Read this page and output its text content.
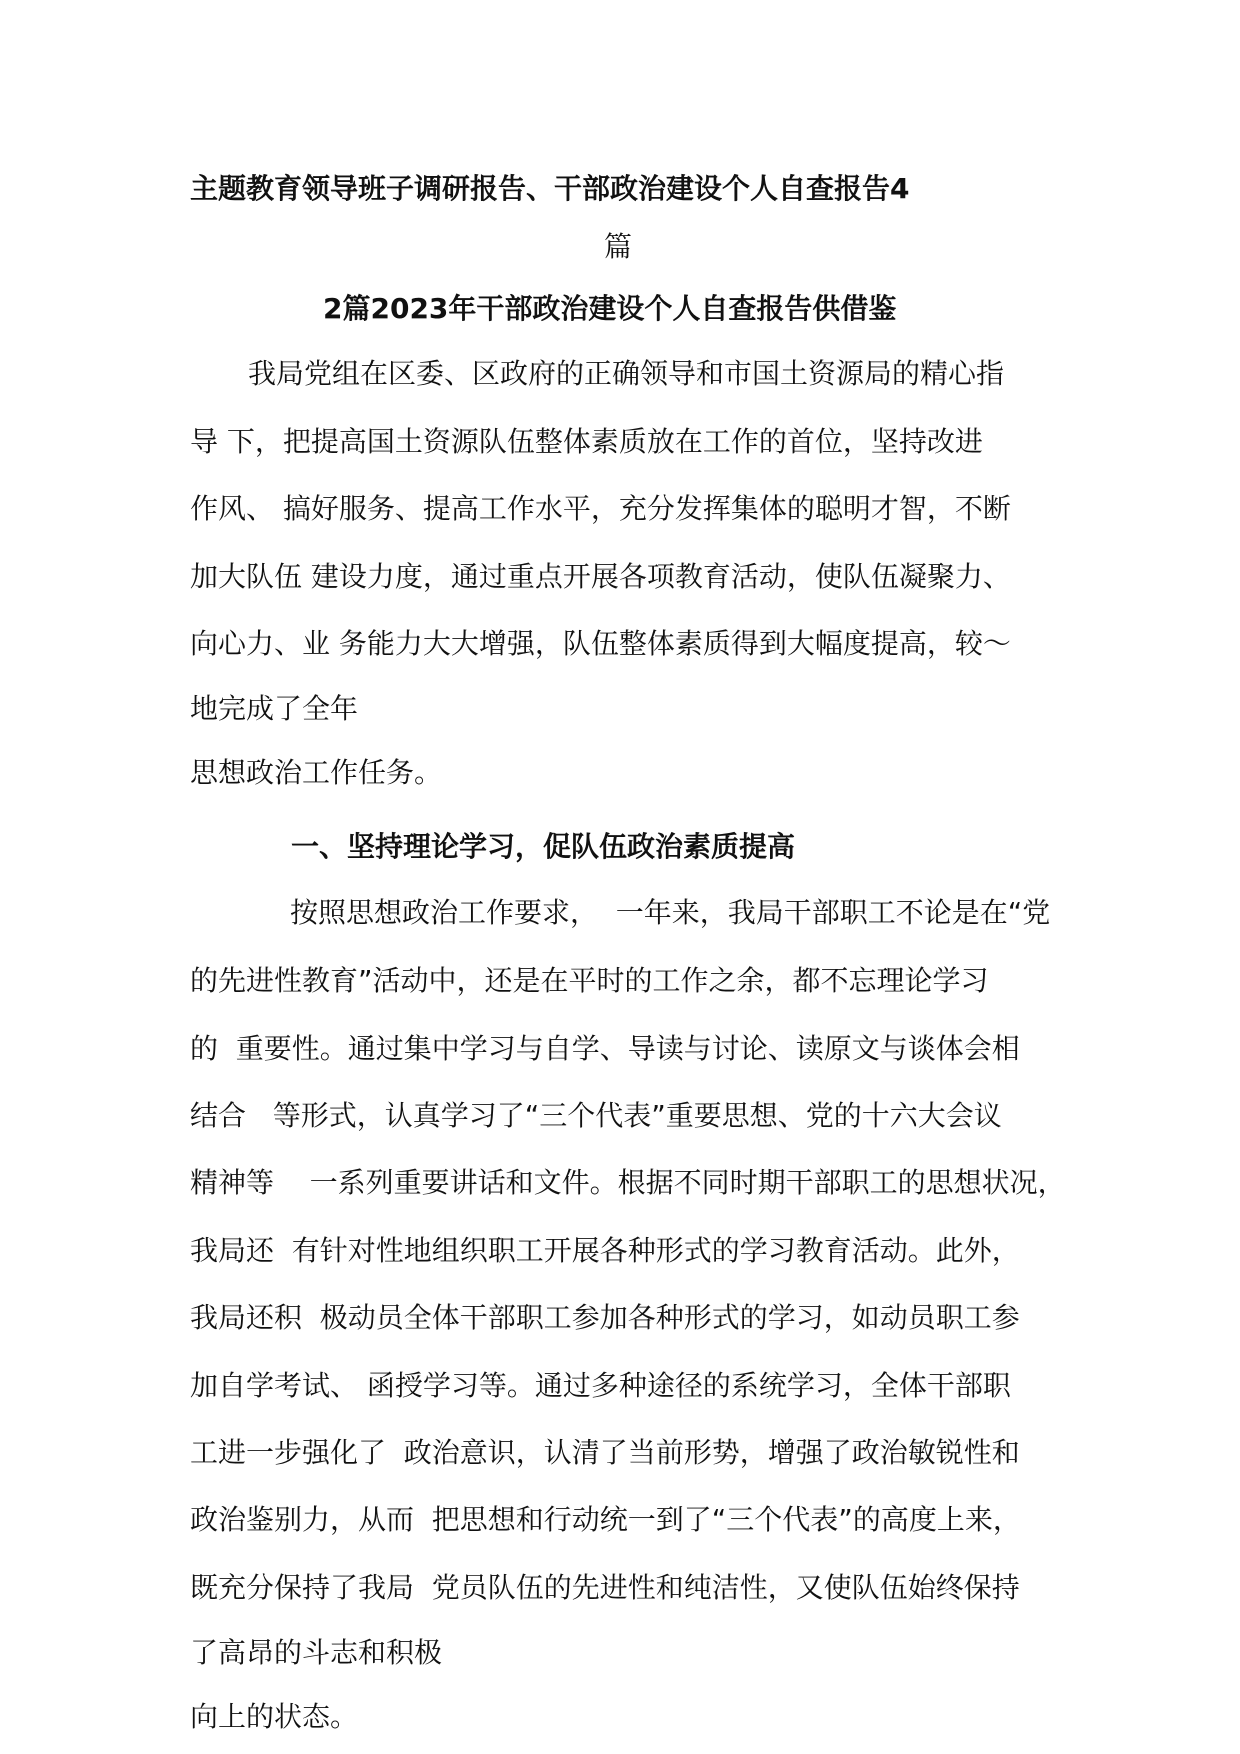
主题教育领导班子调研报告、干部政治建设个人自查报告4
篇
2篇2023年干部政治建设个人自查报告供借鉴
我局党组在区委、区政府的正确领导和市国土资源局的精心指
导 下，把提高国土资源队伍整体素质放在工作的首位，坚持改进
作风、 搞好服务、提高工作水平，充分发挥集体的聪明才智，不断
加大队伍 建设力度，通过重点开展各项教育活动，使队伍凝聚力、
向心力、业 务能力大大增强，队伍整体素质得到大幅度提高，较～
地完成了全年
思想政治工作任务。
一、坚持理论学习，促队伍政治素质提高
按照思想政治工作要求，  一年来，我局干部职工不论是在“党
的先进性教育”活动中，还是在平时的工作之余，都不忘理论学习
的  重要性。通过集中学习与自学、导读与讨论、读原文与谈体会相
结合   等形式，认真学习了“三个代表”重要思想、党的十六大会议
精神等    一系列重要讲话和文件。根据不同时期干部职工的思想状况，
我局还  有针对性地组织职工开展各种形式的学习教育活动。此外，
我局还积  极动员全体干部职工参加各种形式的学习，如动员职工参
加自学考试、 函授学习等。通过多种途径的系统学习，全体干部职
工进一步强化了  政治意识，认清了当前形势，增强了政治敏锐性和
政治鉴别力，从而  把思想和行动统一到了“三个代表”的高度上来，
既充分保持了我局  党员队伍的先进性和纯洁性，又使队伍始终保持
了高昂的斗志和积极
向上的状态。
